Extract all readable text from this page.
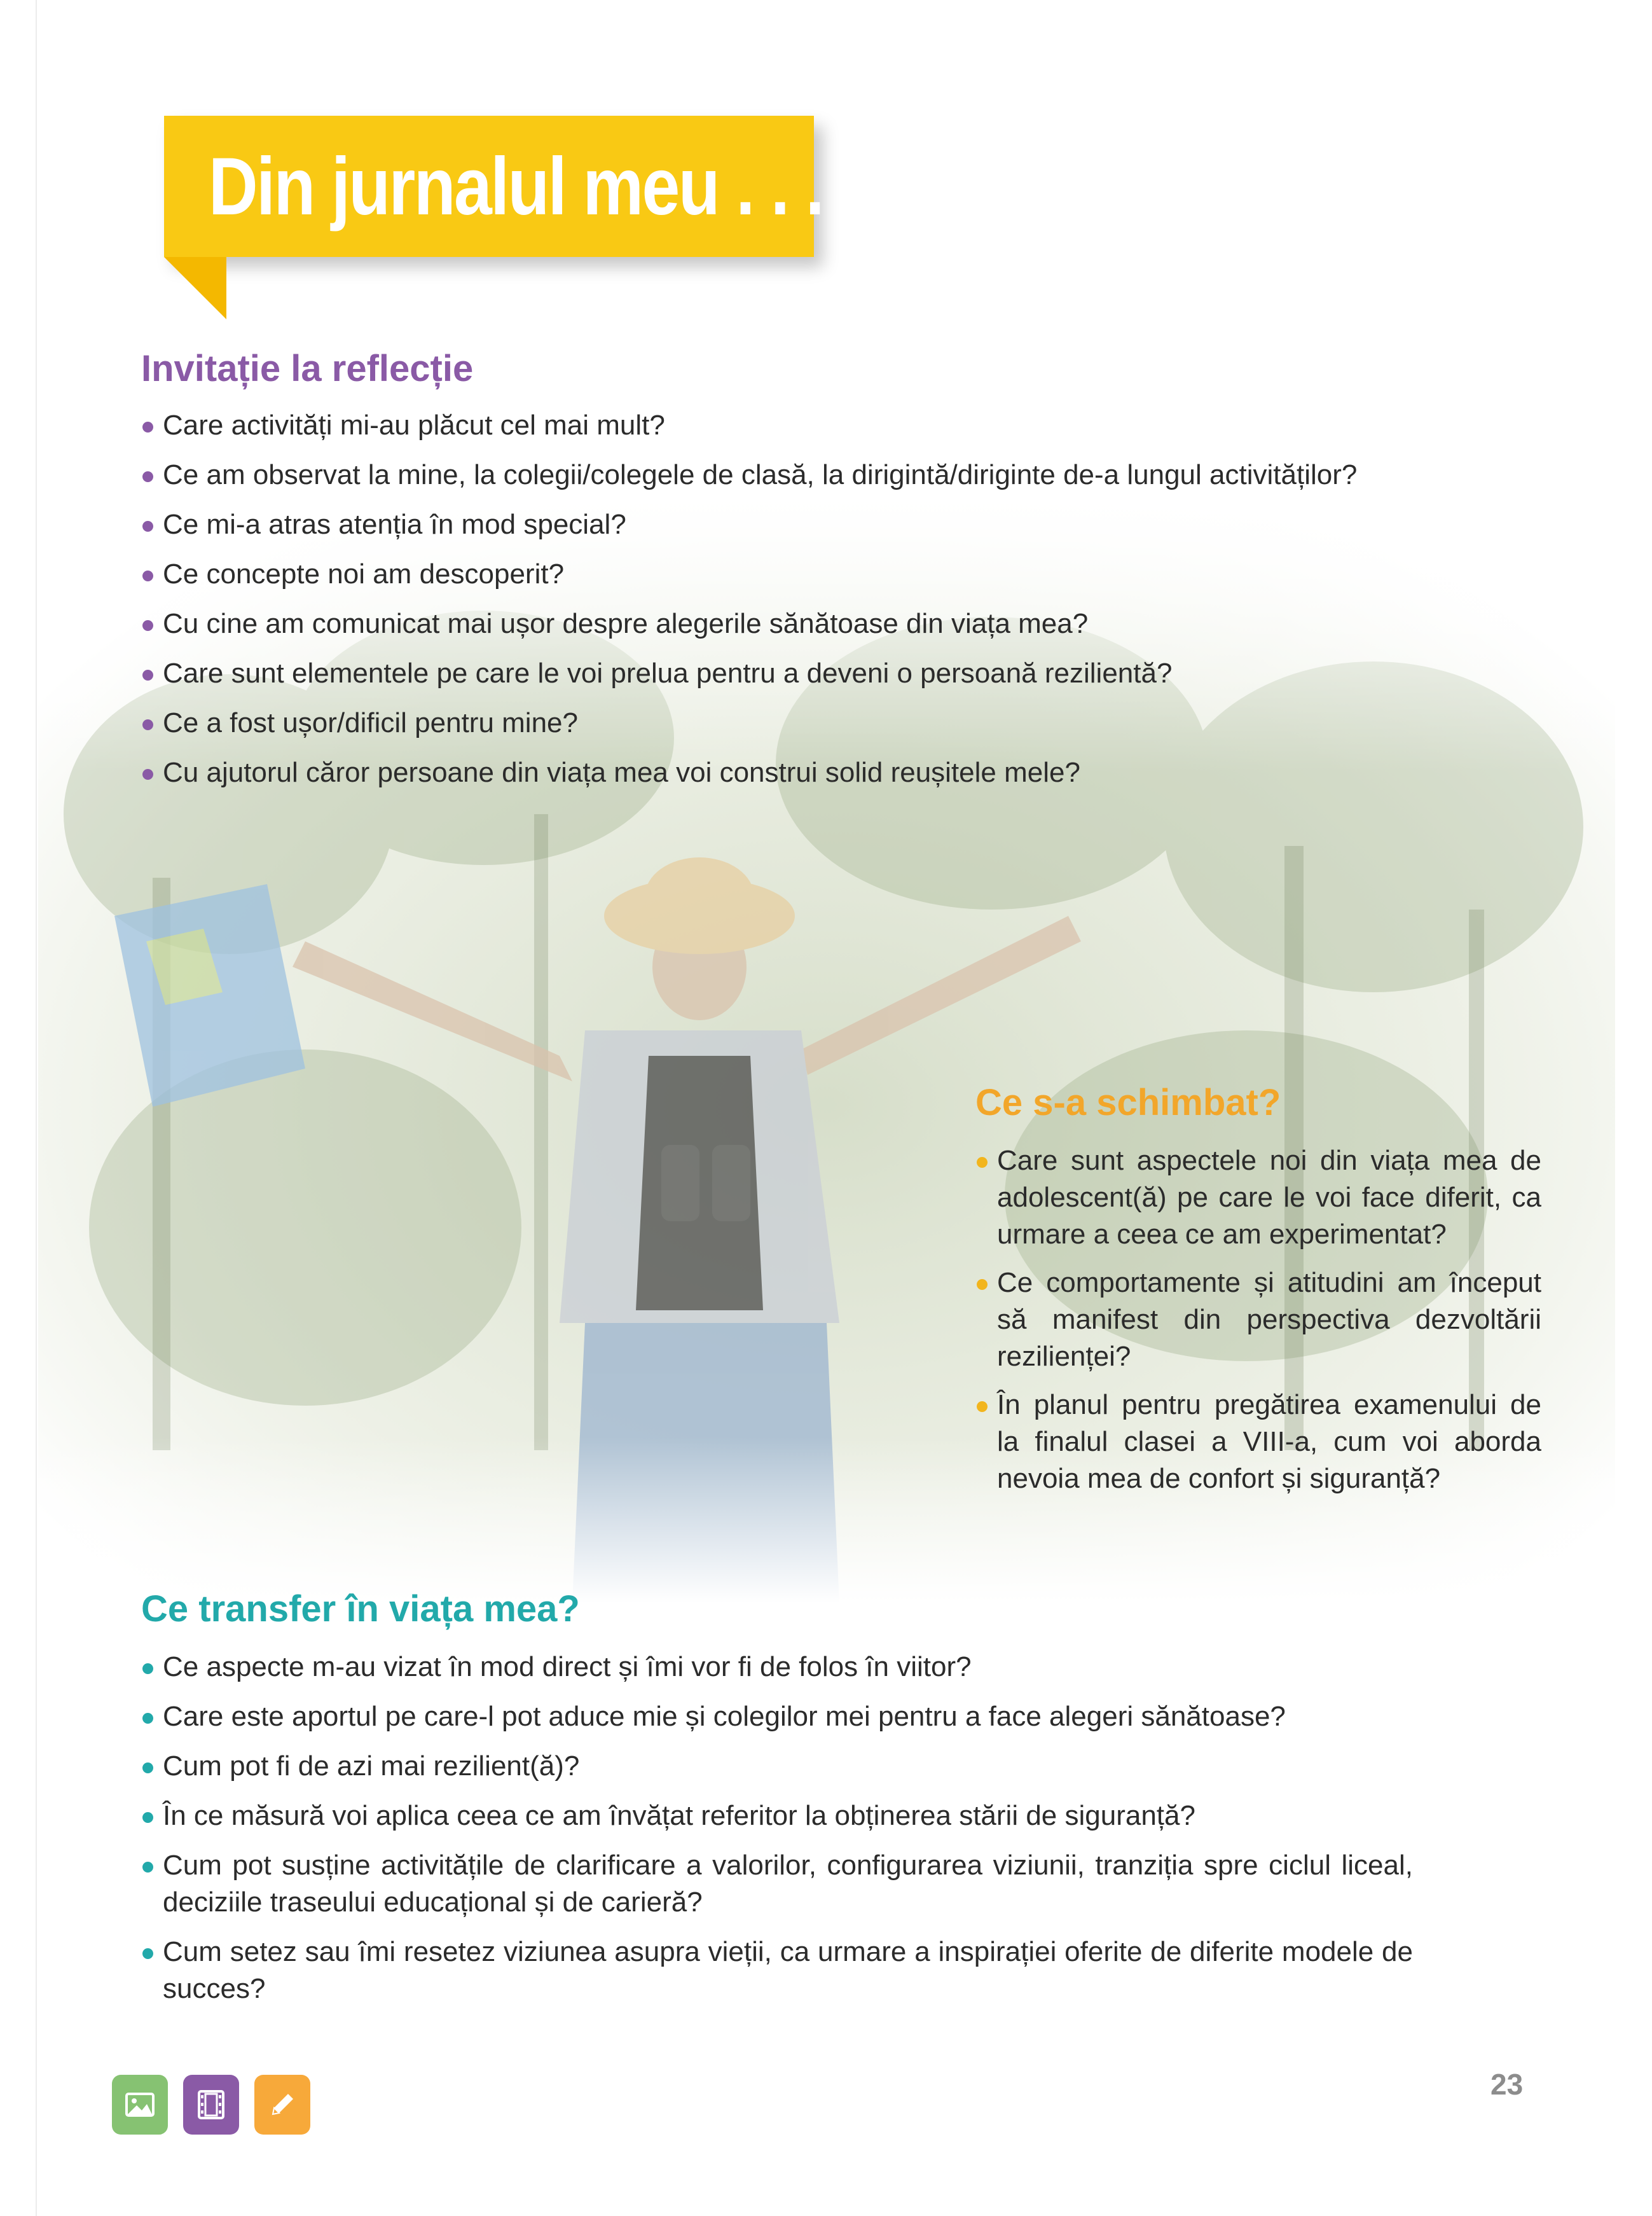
Din jurnalul meu . . .
Invitație la reflecție
Care activități mi-au plăcut cel mai mult?
Ce am observat la mine, la colegii/colegele de clasă, la dirigintă/diriginte de-a lungul activităților?
Ce mi-a atras atenția în mod special?
Ce concepte noi am descoperit?
Cu cine am comunicat mai ușor despre alegerile sănătoase din viața mea?
Care sunt elementele pe care le voi prelua pentru a deveni o persoană rezilientă?
Ce a fost ușor/dificil pentru mine?
Cu ajutorul căror persoane din viața mea voi construi solid reușitele mele?
Ce s-a schimbat?
Care sunt aspectele noi din viața mea de adolescent(ă) pe care le voi face diferit, ca urmare a ceea ce am experimentat?
Ce comportamente și atitudini am început să manifest din perspectiva dezvoltării rezilienței?
În planul pentru pregătirea examenului de la finalul clasei a VIII-a, cum voi aborda nevoia mea de confort și siguranță?
Ce transfer în viața mea?
Ce aspecte m-au vizat în mod direct și îmi vor fi de folos în viitor?
Care este aportul pe care-l pot aduce mie și colegilor mei pentru a face alegeri sănătoase?
Cum pot fi de azi mai rezilient(ă)?
În ce măsură voi aplica ceea ce am învățat referitor la obținerea stării de siguranță?
Cum pot susține activitățile de clarificare a valorilor, configurarea viziunii, tranziția spre ciclul liceal, deciziile traseului educațional și de carieră?
Cum setez sau îmi resetez viziunea asupra vieții, ca urmare a inspirației oferite de diferite modele de succes?
23
